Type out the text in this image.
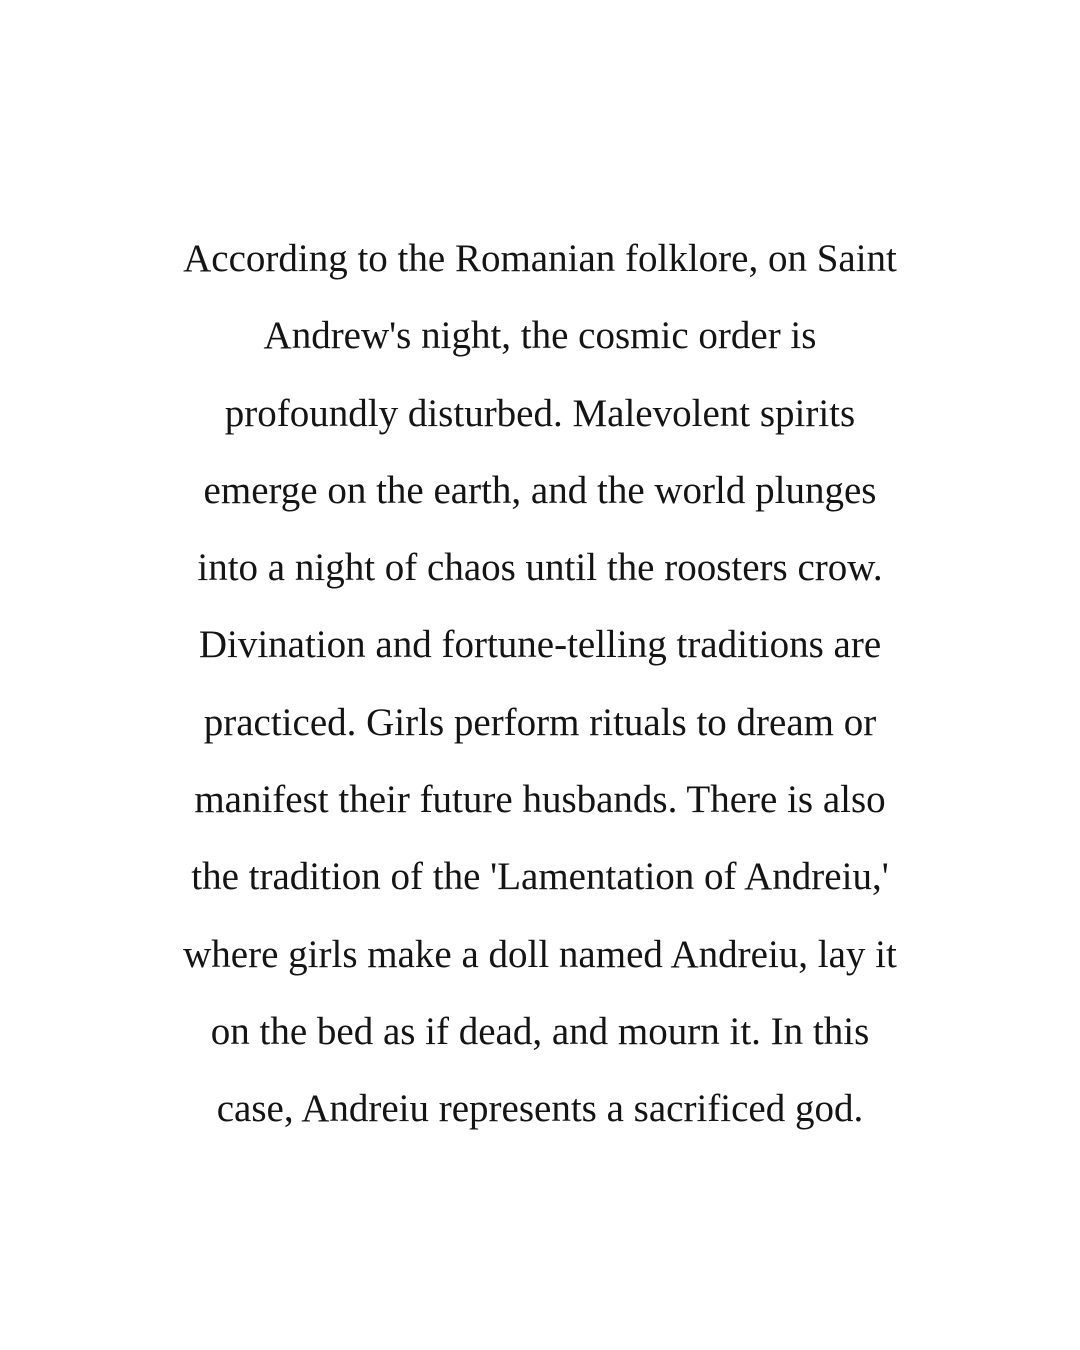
According to the Romanian folklore, on Saint
Andrew's night, the cosmic order is
profoundly disturbed. Malevolent spirits
emerge on the earth, and the world plunges
into a night of chaos until the roosters crow.
Divination and fortune-telling traditions are
practiced. Girls perform rituals to dream or
manifest their future husbands. There is also
the tradition of the 'Lamentation of Andreiu,'
where girls make a doll named Andreiu, lay it
on the bed as if dead, and mourn it. In this
case, Andreiu represents a sacrificed god.
